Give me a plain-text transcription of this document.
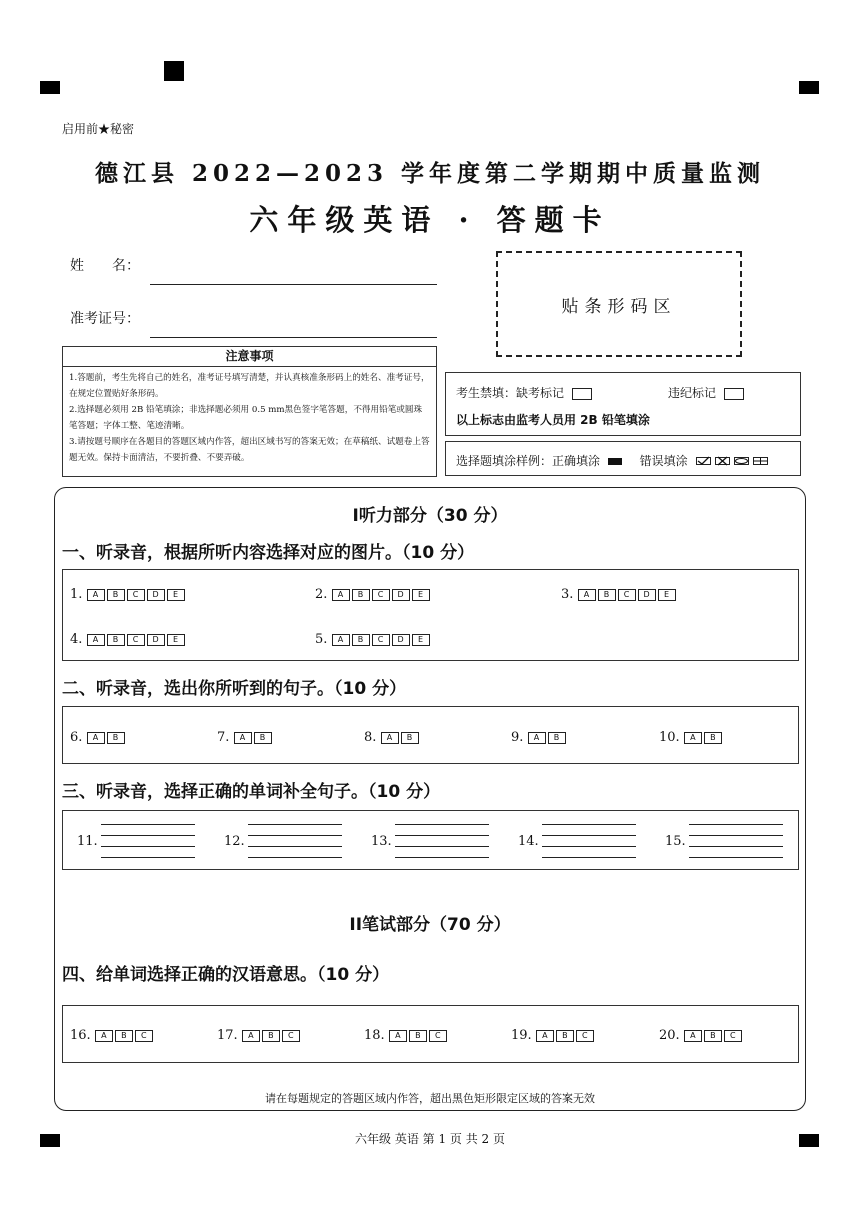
启用前★秘密
德江县 2022—2023 学年度第二学期期中质量监测
六年级英语 · 答题卡
姓　　名：
准考证号：
贴条形码区
注意事项
1.答题前，考生先将自己的姓名，准考证号填写清楚，并认真核准条形码上的姓名、准考证号，在规定位置贴好条形码。
2.选择题必须用 2B 铅笔填涂；非选择题必须用 0.5 mm黑色签字笔答题，不得用铅笔或圆珠笔答题；字体工整、笔迹清晰。
3.请按题号顺序在各题目的答题区域内作答，超出区域书写的答案无效；在草稿纸、试题卷上答题无效。保持卡面清洁，不要折叠、不要弄破。
考生禁填：缺考标记	违纪标记
以上标志由监考人员用 2B 铅笔填涂
选择题填涂样例：正确填涂	错误填涂
I听力部分（30 分）
一、听录音，根据所听内容选择对应的图片。（10 分）
1. A B C D E	2. A B C D E	3. A B C D E
4. A B C D E	5. A B C D E
二、听录音，选出你所听到的句子。（10 分）
6. A B	7. A B	8. A B	9. A B	10. A B
三、听录音，选择正确的单词补全句子。（10 分）
11.	12.	13.	14.	15.
II笔试部分（70 分）
四、给单词选择正确的汉语意思。（10 分）
16. A B C	17. A B C	18. A B C	19. A B C	20. A B C
请在每题规定的答题区域内作答，超出黑色矩形限定区域的答案无效
六年级 英语 第 1 页 共 2 页
